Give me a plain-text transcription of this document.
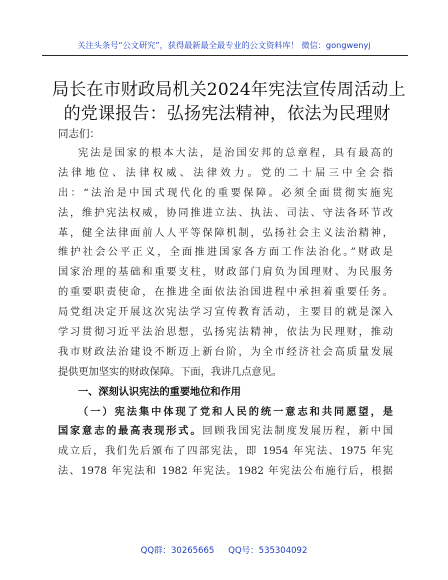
关注头条号“公文研究”，获得最新最全最专业的公文资料库！ 微信：gongwenyj
局长在市财政局机关2024年宪法宣传周活动上
的党课报告：弘扬宪法精神，依法为民理财
同志们：
宪法是国家的根本大法，是治国安邦的总章程，具有最高的
法律地位、法律权威、法律效力。党的二十届三中全会指
出：“法治是中国式现代化的重要保障。必须全面贯彻实施宪
法，维护宪法权威，协同推进立法、执法、司法、守法各环节改
革，健全法律面前人人平等保障机制，弘扬社会主义法治精神，
维护社会公平正义，全面推进国家各方面工作法治化。”财政是
国家治理的基础和重要支柱，财政部门肩负为国理财、为民服务
的重要职责使命，在推进全面依法治国进程中承担着重要任务。
局党组决定开展这次宪法学习宣传教育活动，主要目的就是深入
学习贯彻习近平法治思想，弘扬宪法精神，依法为民理财，推动
我市财政法治建设不断迈上新台阶，为全市经济社会高质量发展
提供更加坚实的财政保障。下面，我讲几点意见。
一、深刻认识宪法的重要地位和作用
（一）宪法集中体现了党和人民的统一意志和共同愿望，是
国家意志的最高表现形式。回顾我国宪法制度发展历程，新中国
成立后，我们先后颁布了四部宪法，即 1954 年宪法、1975 年宪
法、1978 年宪法和 1982 年宪法。1982 年宪法公布施行后，根据
QQ群：30265665 QQ号：535304092
